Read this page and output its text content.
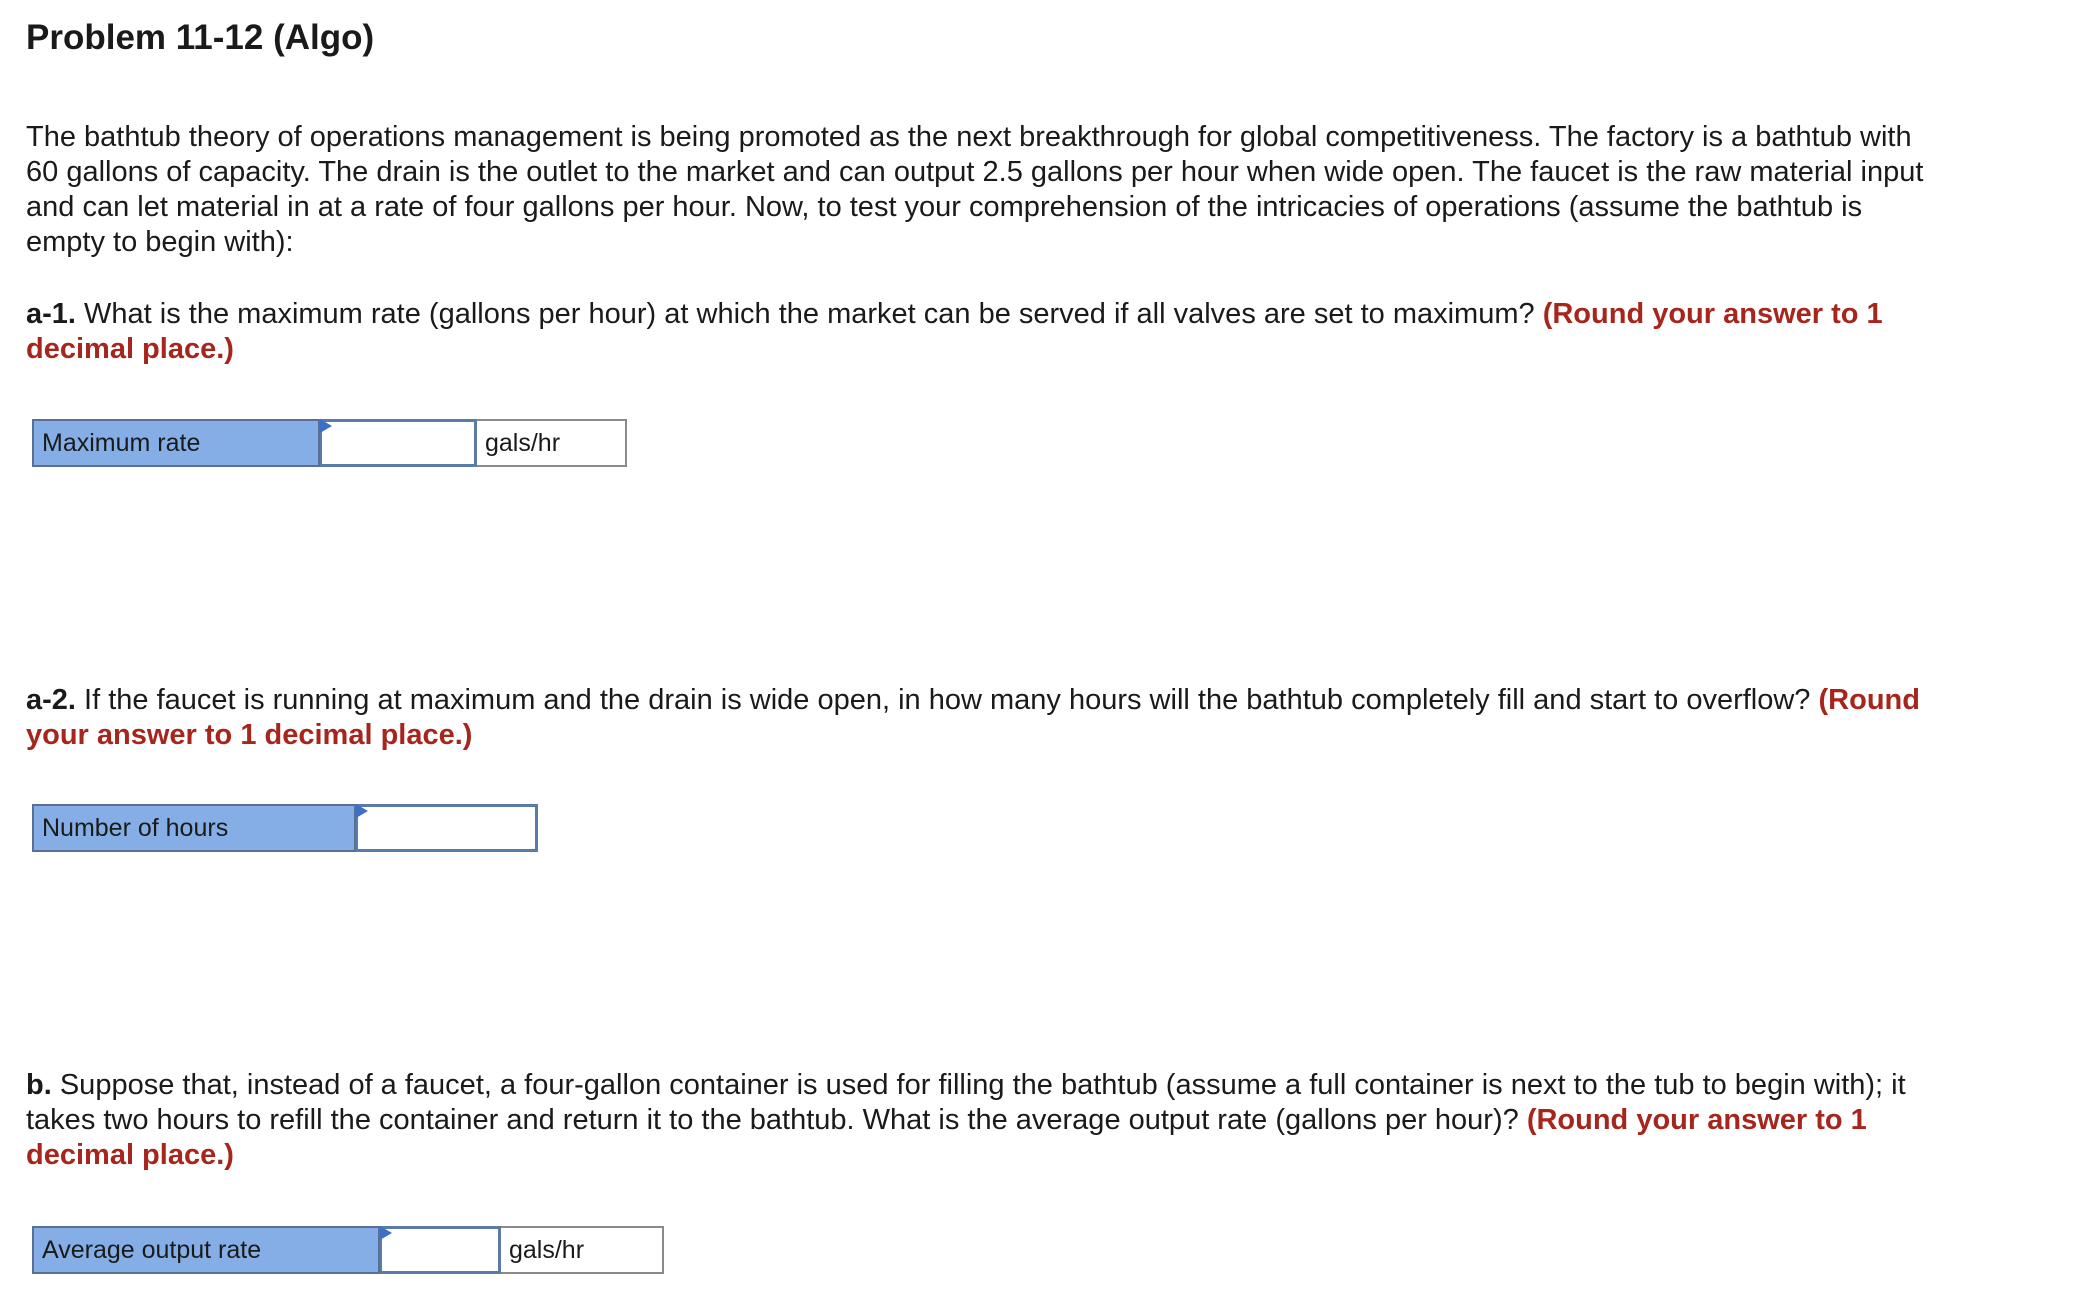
Problem 11-12 (Algo)

The bathtub theory of operations management is being promoted as the next breakthrough for global competitiveness. The factory is a bathtub with 60 gallons of capacity. The drain is the outlet to the market and can output 2.5 gallons per hour when wide open. The faucet is the raw material input and can let material in at a rate of four gallons per hour. Now, to test your comprehension of the intricacies of operations (assume the bathtub is empty to begin with):

a-1. What is the maximum rate (gallons per hour) at which the market can be served if all valves are set to maximum? (Round your answer to 1 decimal place.)

Maximum rate	gals/hr

a-2. If the faucet is running at maximum and the drain is wide open, in how many hours will the bathtub completely fill and start to overflow? (Round your answer to 1 decimal place.)

Number of hours

b. Suppose that, instead of a faucet, a four-gallon container is used for filling the bathtub (assume a full container is next to the tub to begin with); it takes two hours to refill the container and return it to the bathtub. What is the average output rate (gallons per hour)? (Round your answer to 1 decimal place.)

Average output rate	gals/hr
